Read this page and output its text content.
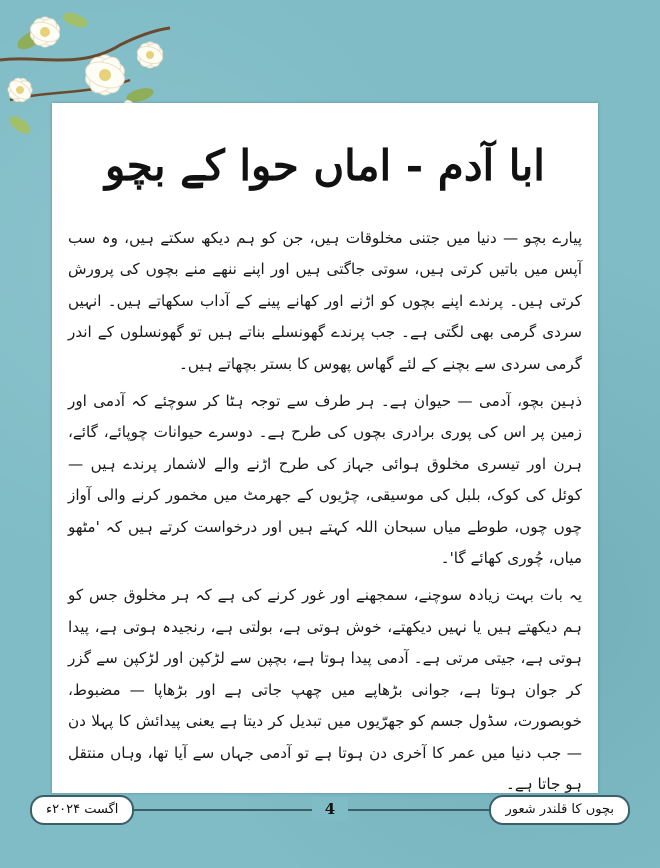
ابا آدم - اماں حوا کے بچو

پیارے بچو — دنیا میں جتنی مخلوقات ہیں، جن کو ہم دیکھ سکتے ہیں، وہ سب آپس میں باتیں کرتی ہیں، سوتی جاگتی ہیں اور اپنے ننھے منے بچوں کی پرورش کرتی ہیں۔ پرندے اپنے بچوں کو اڑنے اور کھانے پینے کے آداب سکھاتے ہیں۔ انہیں سردی گرمی بھی لگتی ہے۔ جب پرندے گھونسلے بناتے ہیں تو گھونسلوں کے اندر گرمی سردی سے بچنے کے لئے گھاس پھوس کا بستر بچھاتے ہیں۔

ذہین بچو، آدمی — حیوان ہے۔ ہر طرف سے توجہ ہٹا کر سوچئے کہ آدمی اور زمین پر اس کی پوری برادری بچوں کی طرح ہے۔ دوسرے حیوانات چوپائے، گائے، ہرن اور تیسری مخلوق ہوائی جہاز کی طرح اڑنے والے لاشمار پرندے ہیں — کوئل کی کوک، بلبل کی موسیقی، چڑیوں کے جھرمٹ میں مخمور کرنے والی آواز چوں چوں، طوطے میاں سبحان اللہ کہتے ہیں اور درخواست کرتے ہیں کہ 'مٹھو میاں، چُوری کھائے گا'۔

یہ بات بہت زیادہ سوچنے، سمجھنے اور غور کرنے کی ہے کہ ہر مخلوق جس کو ہم دیکھتے ہیں یا نہیں دیکھتے، خوش ہوتی ہے، بولتی ہے، رنجیدہ ہوتی ہے، پیدا ہوتی ہے، جیتی مرتی ہے۔ آدمی پیدا ہوتا ہے، بچپن سے لڑکپن اور لڑکپن سے گزر کر جوان ہوتا ہے، جوانی بڑھاپے میں چھپ جاتی ہے اور بڑھاپا — مضبوط، خوبصورت، سڈول جسم کو جھرّیوں میں تبدیل کر دیتا ہے یعنی پیدائش کا پہلا دن — جب دنیا میں عمر کا آخری دن ہوتا ہے تو آدمی جہاں سے آیا تھا، وہاں منتقل ہو جاتا ہے۔

اگست ۲۰۲۴ء	4	بچوں کا قلندر شعور
